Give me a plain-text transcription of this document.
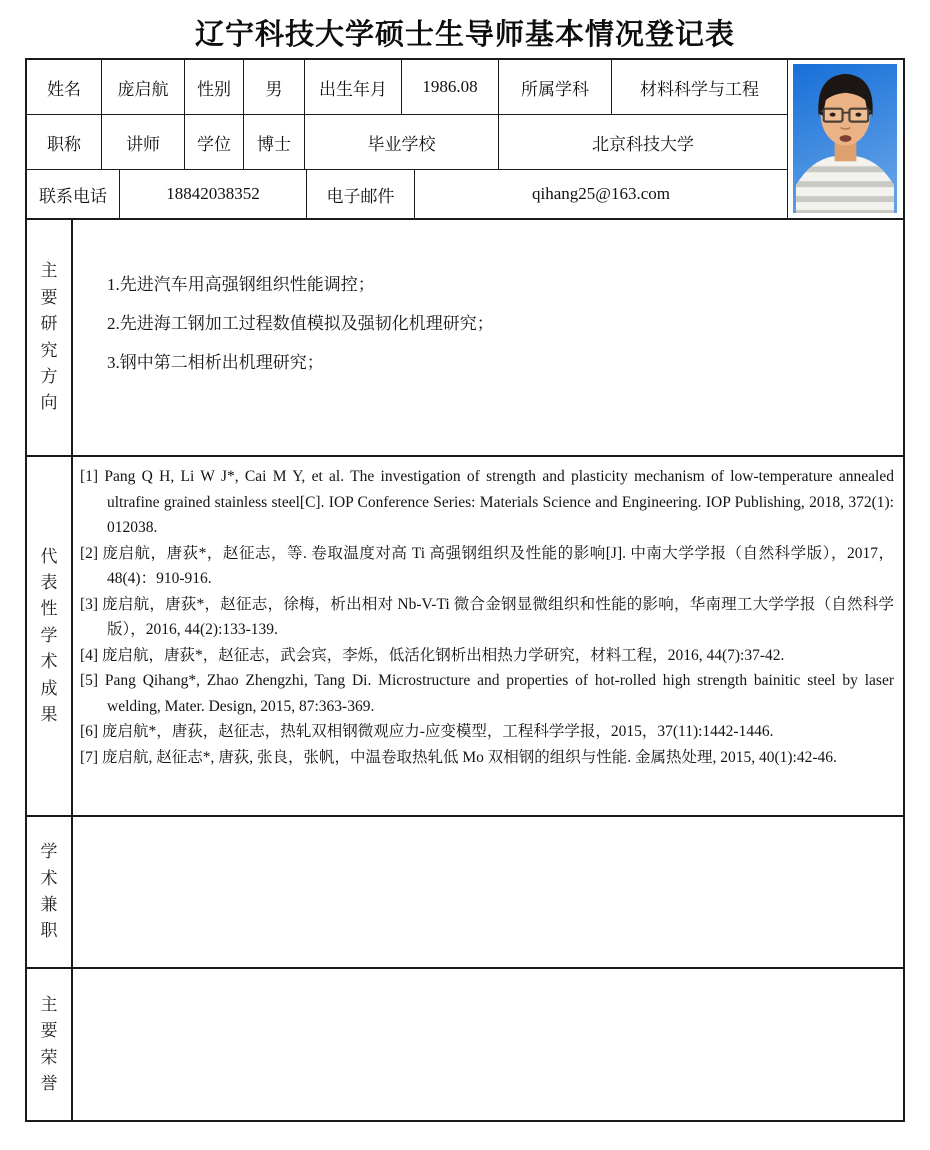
辽宁科技大学硕士生导师基本情况登记表
姓名	庞启航	性别	男	出生年月	1986.08	所属学科	材料科学与工程
职称	讲师	学位	博士	毕业学校	北京科技大学
联系电话	18842038352	电子邮件	qihang25@163.com
主要研究方向
1.先进汽车用高强钢组织性能调控；
2.先进海工钢加工过程数值模拟及强韧化机理研究；
3.钢中第二相析出机理研究；
代表性学术成果
[1] Pang Q H, Li W J*, Cai M Y, et al. The investigation of strength and plasticity mechanism of low-temperature annealed ultrafine grained stainless steel[C]. IOP Conference Series: Materials Science and Engineering. IOP Publishing, 2018, 372(1): 012038.
[2] 庞启航，唐荻*，赵征志，等. 卷取温度对高 Ti 高强钢组织及性能的影响[J]. 中南大学学报（自然科学版），2017，48(4)：910-916.
[3] 庞启航，唐荻*，赵征志，徐梅，析出相对 Nb-V-Ti 微合金钢显微组织和性能的影响，华南理工大学学报（自然科学版），2016, 44(2):133-139.
[4] 庞启航，唐荻*，赵征志，武会宾，李烁，低活化钢析出相热力学研究，材料工程，2016, 44(7):37-42.
[5] Pang Qihang*, Zhao Zhengzhi, Tang Di. Microstructure and properties of hot-rolled high strength bainitic steel by laser welding, Mater. Design, 2015, 87:363-369.
[6] 庞启航*，唐荻，赵征志，热轧双相钢微观应力-应变模型，工程科学学报，2015，37(11):1442-1446.
[7] 庞启航, 赵征志*, 唐荻, 张良，张帆，中温卷取热轧低 Mo 双相钢的组织与性能. 金属热处理, 2015, 40(1):42-46.
学术兼职
主要荣誉
